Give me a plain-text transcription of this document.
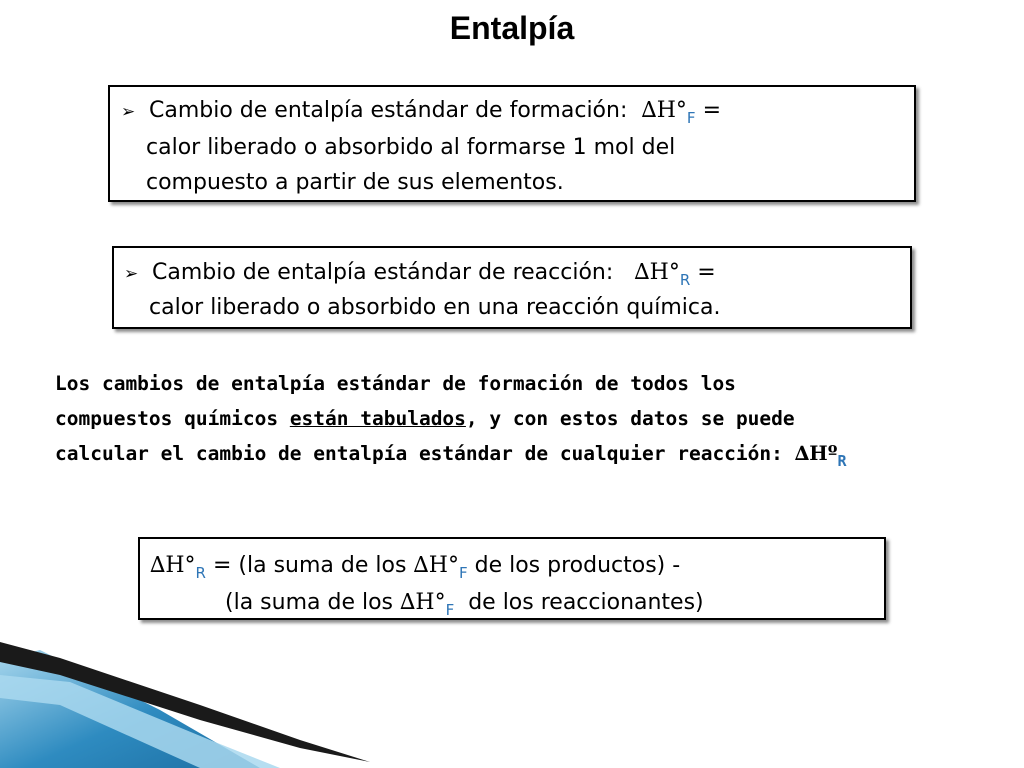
Entalpía
➢ Cambio de entalpía estándar de formación: $\Delta H^\circ_F$ =
calor liberado o absorbido al formarse 1 mol del
compuesto a partir de sus elementos.
➢ Cambio de entalpía estándar de reacción: $\Delta H^\circ_R$ =
calor liberado o absorbido en una reacción química.
Los cambios de entalpía estándar de formación de todos los
compuestos químicos están tabulados, y con estos datos se puede
calcular el cambio de entalpía estándar de cualquier reacción: ∆Hº$_R$
$\Delta H^\circ_R = (la$ suma de los $\Delta H^\circ_F$ de los productos) -
(la suma de los $\Delta H^\circ_F$ de los reaccionantes)
